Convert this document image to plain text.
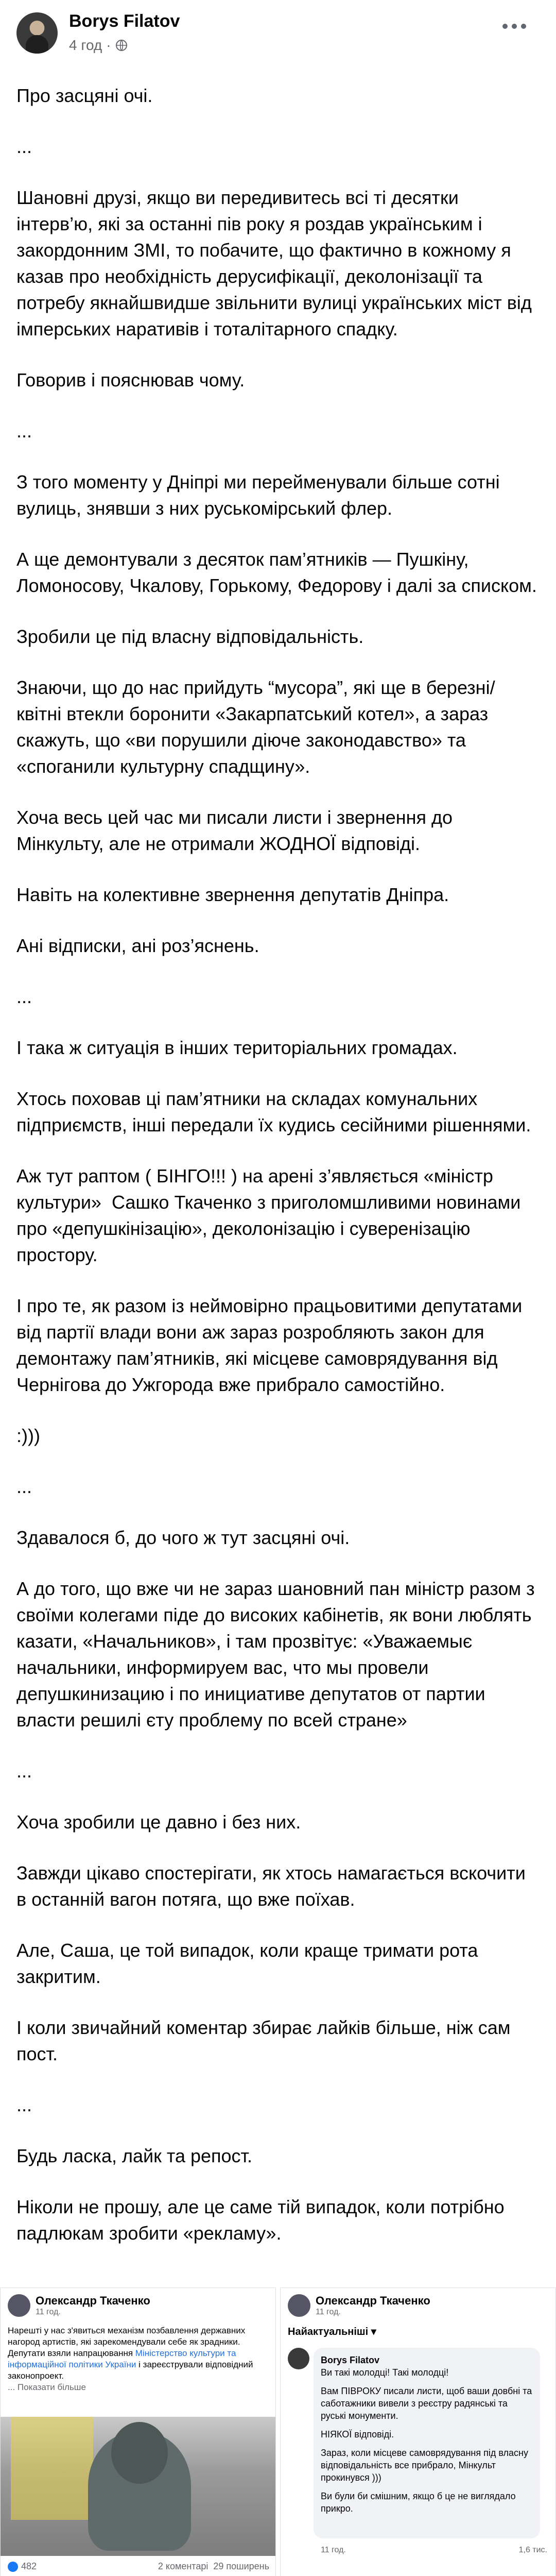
Borys Filatov
4 год ·

Про засцяні очі.

...

Шановні друзі, якщо ви передивитесь всі ті десятки інтерв’ю, які за останні пів року я роздав українським і закордонним ЗМІ, то побачите, що фактично в кожному я казав про необхідність дерусифікації, деколонізації та потребу якнайшвидше звільнити вулиці українських міст від імперських наративів і тоталітарного спадку.

Говорив і пояснював чому.

...

З того моменту у Дніпрі ми перейменували більше сотні вулиць, знявши з них руськомірський флер.

А ще демонтували з десяток пам’ятників — Пушкіну, Ломоносову, Чкалову, Горькому, Федорову і далі за списком.

Зробили це під власну відповідальність.

Знаючи, що до нас прийдуть “мусора”, які ще в березні/квітні втекли боронити «Закарпатський котел», а зараз скажуть, що «ви порушили діюче законодавство» та «споганили культурну спадщину».

Хоча весь цей час ми писали листи і звернення до Мінкульту, але не отримали ЖОДНОЇ відповіді.

Навіть на колективне звернення депутатів Дніпра.

Ані відписки, ані роз’яснень.

...

І така ж ситуація в інших територіальних громадах.

Хтось поховав ці пам’ятники на складах комунальних підприємств, інші передали їх кудись сесійними рішеннями.

Аж тут раптом ( БІНГО!!! ) на арені з’являється «міністр культури»  Сашко Ткаченко з приголомшливими новинами про «депушкінізацію», деколонізацію і суверенізацію простору.

І про те, як разом із неймовірно працьовитими депутатами від партії влади вони аж зараз розробляють закон для демонтажу пам’ятників, які місцеве самоврядування від Чернігова до Ужгорода вже прибрало самостійно.

:)))

...

Здавалося б, до чого ж тут засцяні очі.

А до того, що вже чи не зараз шановний пан міністр разом з своїми колегами піде до високих кабінетів, як вони люблять казати, «Начальников», і там прозвітує: «Уважаемыє начальники, информируем вас, что мы провели депушкинизацию і по инициативе депутатов от партии власти решилі єту проблему по всей стране»

...

Хоча зробили це давно і без них.

Завжди цікаво спостерігати, як хтось намагається вскочити в останній вагон потяга, що вже поїхав.

Але, Саша, це той випадок, коли краще тримати рота закритим.

І коли звичайний коментар збирає лайків більше, ніж сам пост.

...

Будь ласка, лайк та репост.

Ніколи не прошу, але це саме тій випадок, коли потрібно падлюкам зробити «рекламу».

Олександр Ткаченко
11 год.
Нарешті у нас з'явиться механізм позбавлення державних нагород артистів, які зарекомендували себе як зрадники. Депутати взяли напрацювання Міністерство культури та інформаційної політики України і зареєстрували відповідний законопроект.
... Показати більше
482	2 коментарі 29 поширень
Олександр Ткаченко
11 год.
Найактуальніші ▾
Borys Filatov

Ви такі молодці! Такі молодці!

Вам ПІВРОКУ писали листи, щоб ваши довбні та саботажники вивели з реєстру радянські та руські монументи.

НІЯКОЇ відповіді.

Зараз, коли місцеве самоврядування під власну відповідальність все прибрало, Мінкульт прокинувся )))

Ви були би смішним, якщо б це не виглядало прикро.

11 год.	1,6 тис.
